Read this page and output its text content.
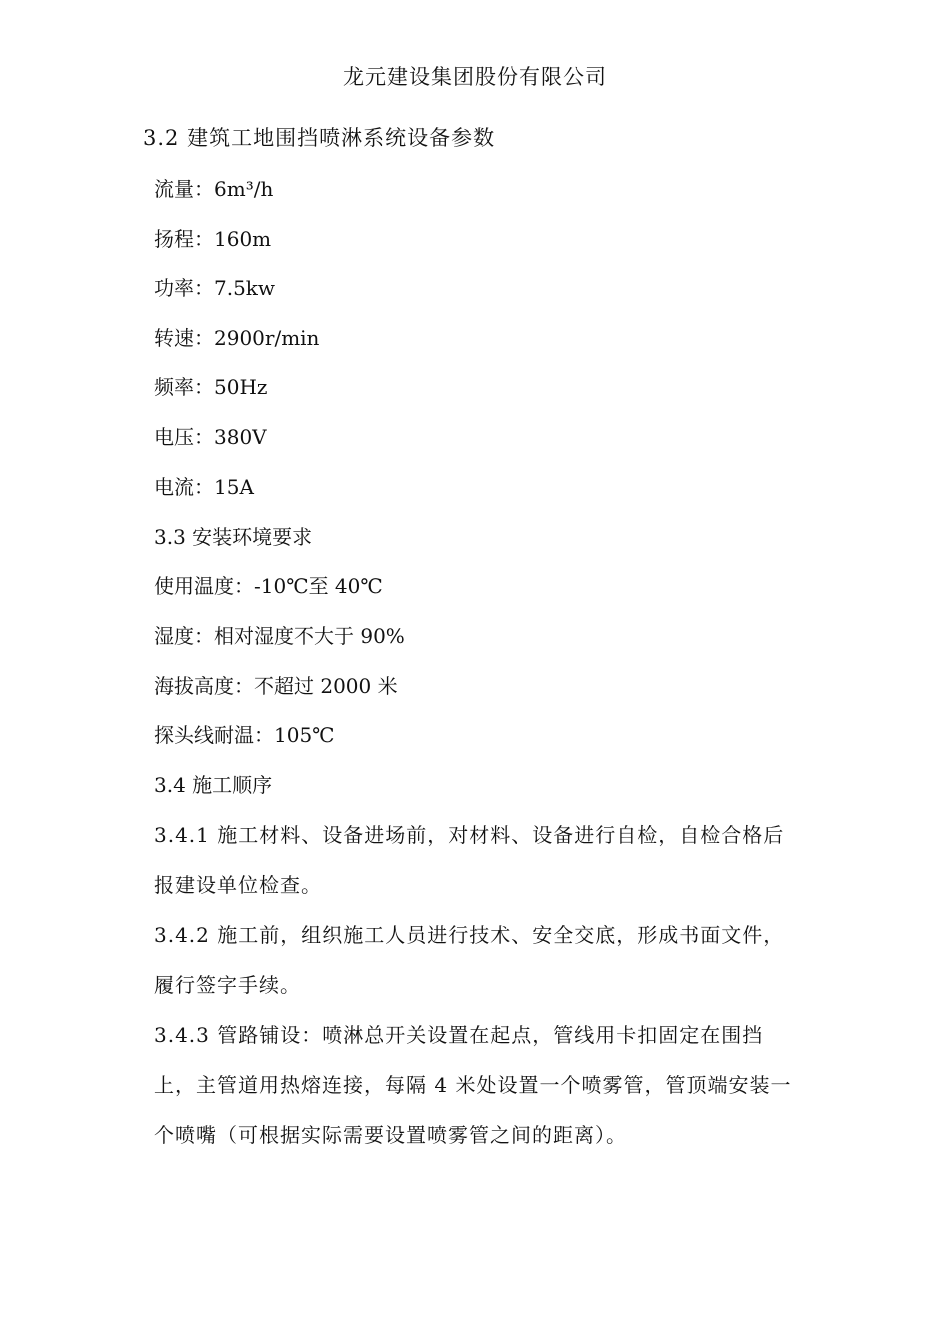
龙元建设集团股份有限公司
3.2 建筑工地围挡喷淋系统设备参数
流量：6m³/h
扬程：160m
功率：7.5kw
转速：2900r/min
频率：50Hz
电压：380V
电流：15A
3.3 安装环境要求
使用温度：-10℃至 40℃
湿度：相对湿度不大于 90%
海拔高度：不超过 2000 米
探头线耐温：105℃
3.4 施工顺序
3.4.1 施工材料、设备进场前，对材料、设备进行自检，自检合格后报建设单位检查。
3.4.2 施工前，组织施工人员进行技术、安全交底，形成书面文件，履行签字手续。
3.4.3 管路铺设：喷淋总开关设置在起点，管线用卡扣固定在围挡上，主管道用热熔连接，每隔 4 米处设置一个喷雾管，管顶端安装一个喷嘴（可根据实际需要设置喷雾管之间的距离）。
